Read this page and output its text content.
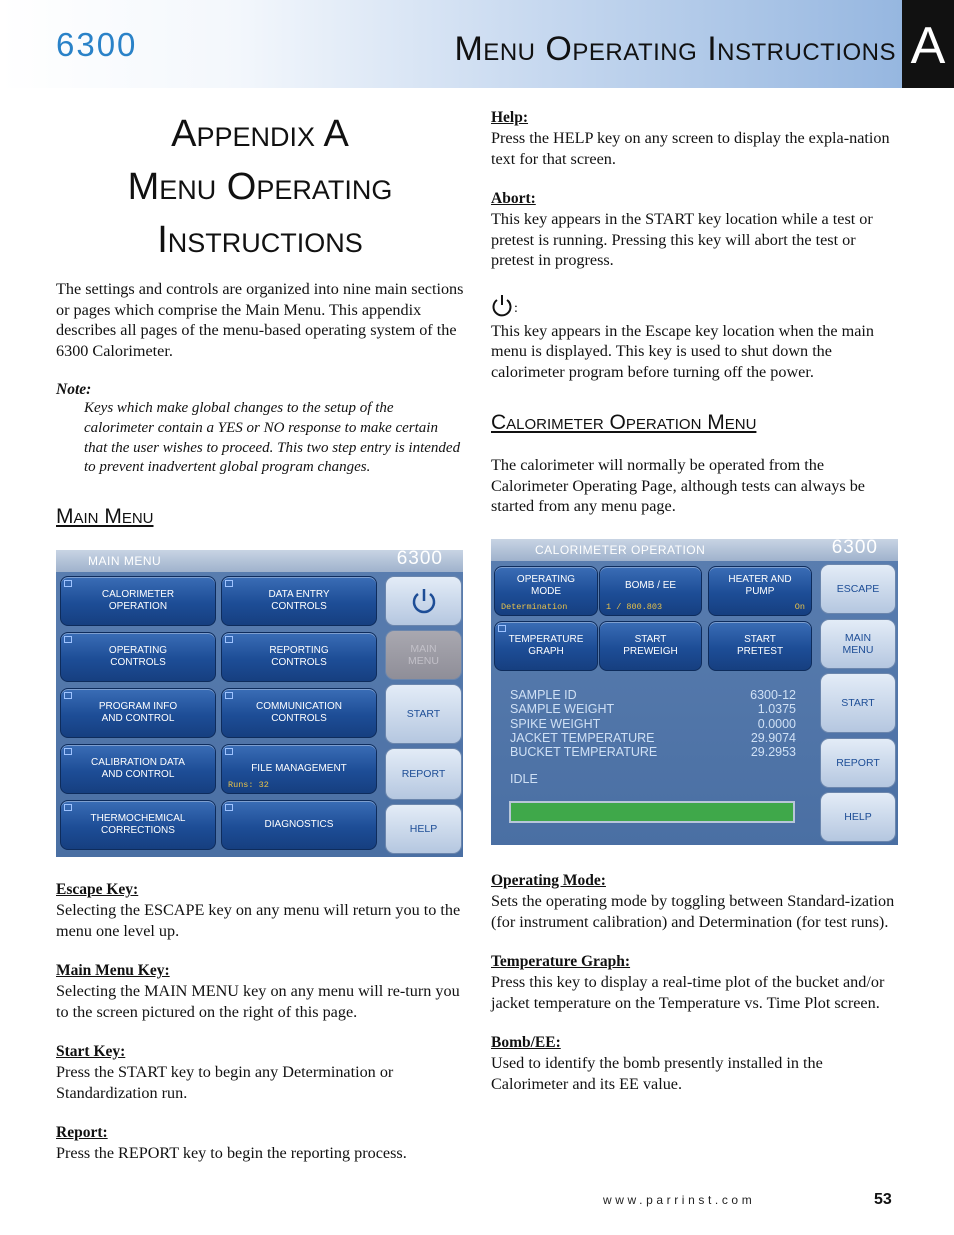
6300	Menu Operating Instructions A
Appendix A
Menu Operating
Instructions

The settings and controls are organized into nine main sections or pages which comprise the Main Menu. This appendix describes all pages of the menu-based operating system of the 6300 Calorimeter.

Note:

Keys which make global changes to the setup of the calorimeter contain a YES or NO response to make certain that the user wishes to proceed. This two step entry is intended to prevent inadvertent global program changes.

Main Menu
MAIN MENU	6300
CALORIMETER
OPERATION
DATA ENTRY
CONTROLS
OPERATING
CONTROLS
REPORTING
CONTROLS
PROGRAM INFO
AND CONTROL
COMMUNICATION
CONTROLS
CALIBRATION DATA
AND CONTROL
FILE MANAGEMENT
Runs: 32
THERMOCHEMICAL
CORRECTIONS
DIAGNOSTICS
MAIN
MENU
START
REPORT
HELP
Escape Key:

Selecting the ESCAPE key on any menu will return you to the menu one level up.

Main Menu Key:

Selecting the MAIN MENU key on any menu will re-turn you to the screen pictured on the right of this page.

Start Key:

Press the START key to begin any Determination or Standardization run.

Report:

Press the REPORT key to begin the reporting process.

Help:

Press the HELP key on any screen to display the expla-nation text for that screen.

Abort:

This key appears in the START key location while a test or pretest is running. Pressing this key will abort the test or pretest in progress.

:

This key appears in the Escape key location when the main menu is displayed. This key is used to shut down the calorimeter program before turning off the power.

Calorimeter Operation Menu

The calorimeter will normally be operated from the Calorimeter Operating Page, although tests can always be started from any menu page.

CALORIMETER OPERATION	6300
OPERATING
MODE
Determination
BOMB / EE
1 / 800.803
HEATER AND
PUMP
On
TEMPERATURE
GRAPH
START
PREWEIGH
START
PRETEST
SAMPLE ID	6300-12
SAMPLE WEIGHT	1.0375
SPIKE WEIGHT	0.0000
JACKET TEMPERATURE	29.9074
BUCKET TEMPERATURE	29.2953
IDLE
ESCAPE
MAIN
MENU
START
REPORT
HELP
Operating Mode:

Sets the operating mode by toggling between Standard-ization (for instrument calibration) and Determination (for test runs).

Temperature Graph:

Press this key to display a real-time plot of the bucket and/or jacket temperature on the Temperature vs. Time Plot screen.

Bomb/EE:

Used to identify the bomb presently installed in the Calorimeter and its EE value.

www.parrinst.com	53
